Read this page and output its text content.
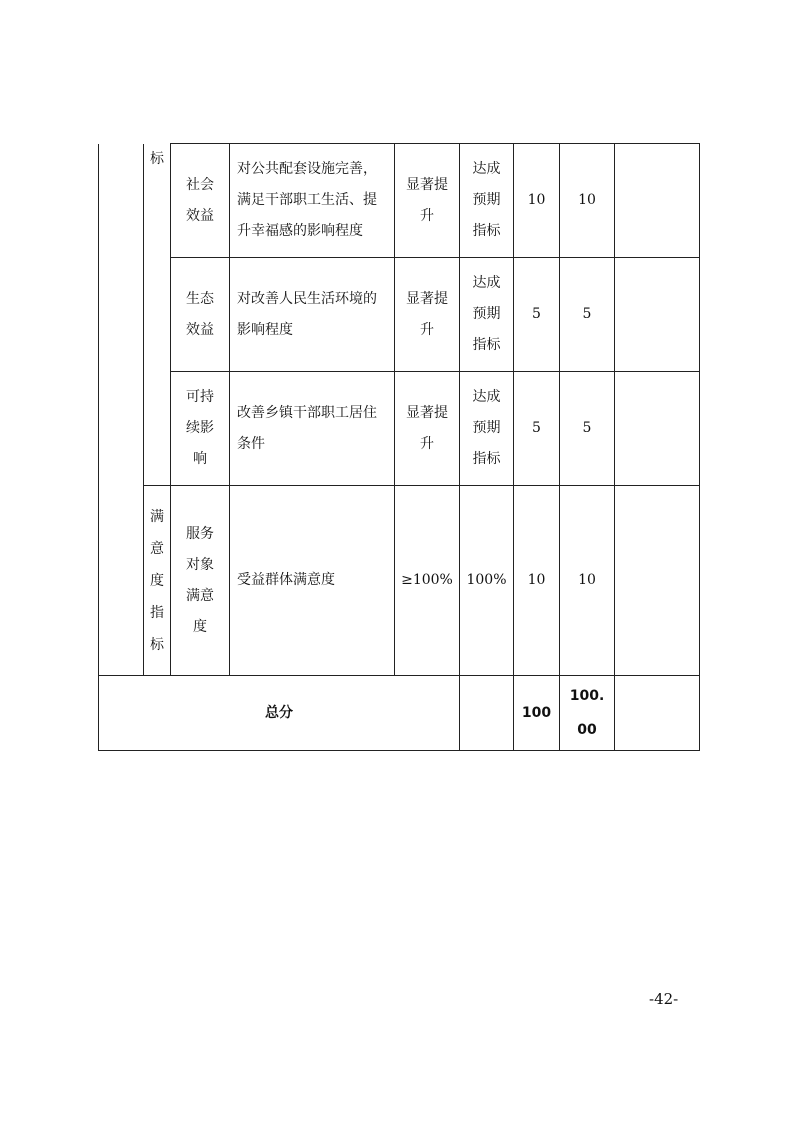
	标	社会效益	对公共配套设施完善，满足干部职工生活、提升幸福感的影响程度	显著提升	达成预期指标	10	10	

		生态效益	对改善人民生活环境的影响程度	显著提升	达成预期指标	5	5	

		可持续影响	改善乡镇干部职工居住条件	显著提升	达成预期指标	5	5	

	满意度指标	服务对象满意度	受益群体满意度	≥100%	100%	10	10	
总分						100	100.00	

-42-
